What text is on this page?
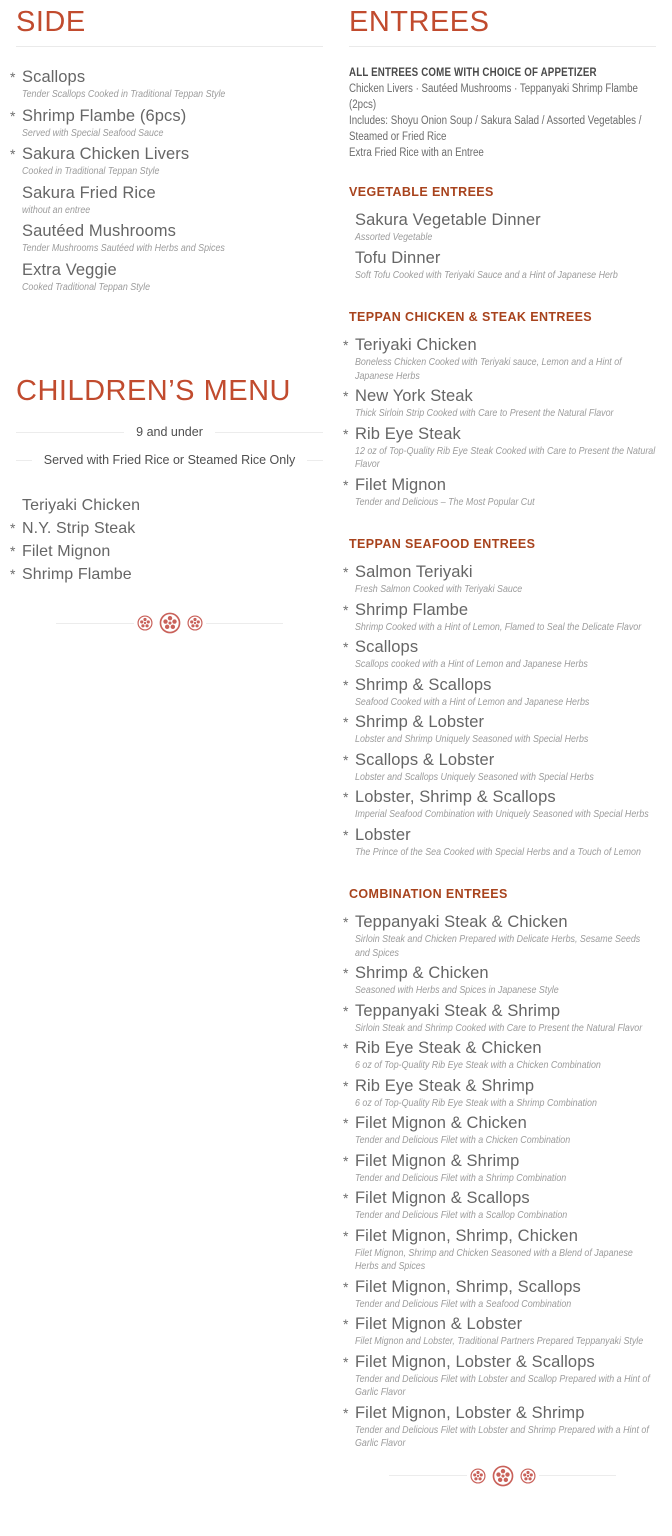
SIDE
* Scallops
Tender Scallops Cooked in Traditional Teppan Style
* Shrimp Flambe (6pcs)
Served with Special Seafood Sauce
* Sakura Chicken Livers
Cooked in Traditional Teppan Style
Sakura Fried Rice
without an entree
Sautéed Mushrooms
Tender Mushrooms Sautéed with Herbs and Spices
Extra Veggie
Cooked Traditional Teppan Style
CHILDREN’S MENU
9 and under
Served with Fried Rice or Steamed Rice Only
Teriyaki Chicken
* N.Y. Strip Steak
* Filet Mignon
* Shrimp Flambe
ENTREES

ALL ENTREES COME WITH CHOICE OF APPETIZER

Chicken Livers · Sautéed Mushrooms · Teppanyaki Shrimp Flambe (2pcs)

Includes: Shoyu Onion Soup / Sakura Salad / Assorted Vegetables / Steamed or Fried Rice

Extra Fried Rice with an Entree

VEGETABLE ENTREES
Sakura Vegetable Dinner
Assorted Vegetable
Tofu Dinner
Soft Tofu Cooked with Teriyaki Sauce and a Hint of Japanese Herb
TEPPAN CHICKEN & STEAK ENTREES
* Teriyaki Chicken
Boneless Chicken Cooked with Teriyaki sauce, Lemon and a Hint of Japanese Herbs
* New York Steak
Thick Sirloin Strip Cooked with Care to Present the Natural Flavor
* Rib Eye Steak
12 oz of Top-Quality Rib Eye Steak Cooked with Care to Present the Natural Flavor
* Filet Mignon
Tender and Delicious – The Most Popular Cut
TEPPAN SEAFOOD ENTREES
* Salmon Teriyaki
Fresh Salmon Cooked with Teriyaki Sauce
* Shrimp Flambe
Shrimp Cooked with a Hint of Lemon, Flamed to Seal the Delicate Flavor
* Scallops
Scallops cooked with a Hint of Lemon and Japanese Herbs
* Shrimp & Scallops
Seafood Cooked with a Hint of Lemon and Japanese Herbs
* Shrimp & Lobster
Lobster and Shrimp Uniquely Seasoned with Special Herbs
* Scallops & Lobster
Lobster and Scallops Uniquely Seasoned with Special Herbs
* Lobster, Shrimp & Scallops
Imperial Seafood Combination with Uniquely Seasoned with Special Herbs
* Lobster
The Prince of the Sea Cooked with Special Herbs and a Touch of Lemon
COMBINATION ENTREES
* Teppanyaki Steak & Chicken
Sirloin Steak and Chicken Prepared with Delicate Herbs, Sesame Seeds and Spices
* Shrimp & Chicken
Seasoned with Herbs and Spices in Japanese Style
* Teppanyaki Steak & Shrimp
Sirloin Steak and Shrimp Cooked with Care to Present the Natural Flavor
* Rib Eye Steak & Chicken
6 oz of Top-Quality Rib Eye Steak with a Chicken Combination
* Rib Eye Steak & Shrimp
6 oz of Top-Quality Rib Eye Steak with a Shrimp Combination
* Filet Mignon & Chicken
Tender and Delicious Filet with a Chicken Combination
* Filet Mignon & Shrimp
Tender and Delicious Filet with a Shrimp Combination
* Filet Mignon & Scallops
Tender and Delicious Filet with a Scallop Combination
* Filet Mignon, Shrimp, Chicken
Filet Mignon, Shrimp and Chicken Seasoned with a Blend of Japanese Herbs and Spices
* Filet Mignon, Shrimp, Scallops
Tender and Delicious Filet with a Seafood Combination
* Filet Mignon & Lobster
Filet Mignon and Lobster, Traditional Partners Prepared Teppanyaki Style
* Filet Mignon, Lobster & Scallops
Tender and Delicious Filet with Lobster and Scallop Prepared with a Hint of Garlic Flavor
* Filet Mignon, Lobster & Shrimp
Tender and Delicious Filet with Lobster and Shrimp Prepared with a Hint of Garlic Flavor
